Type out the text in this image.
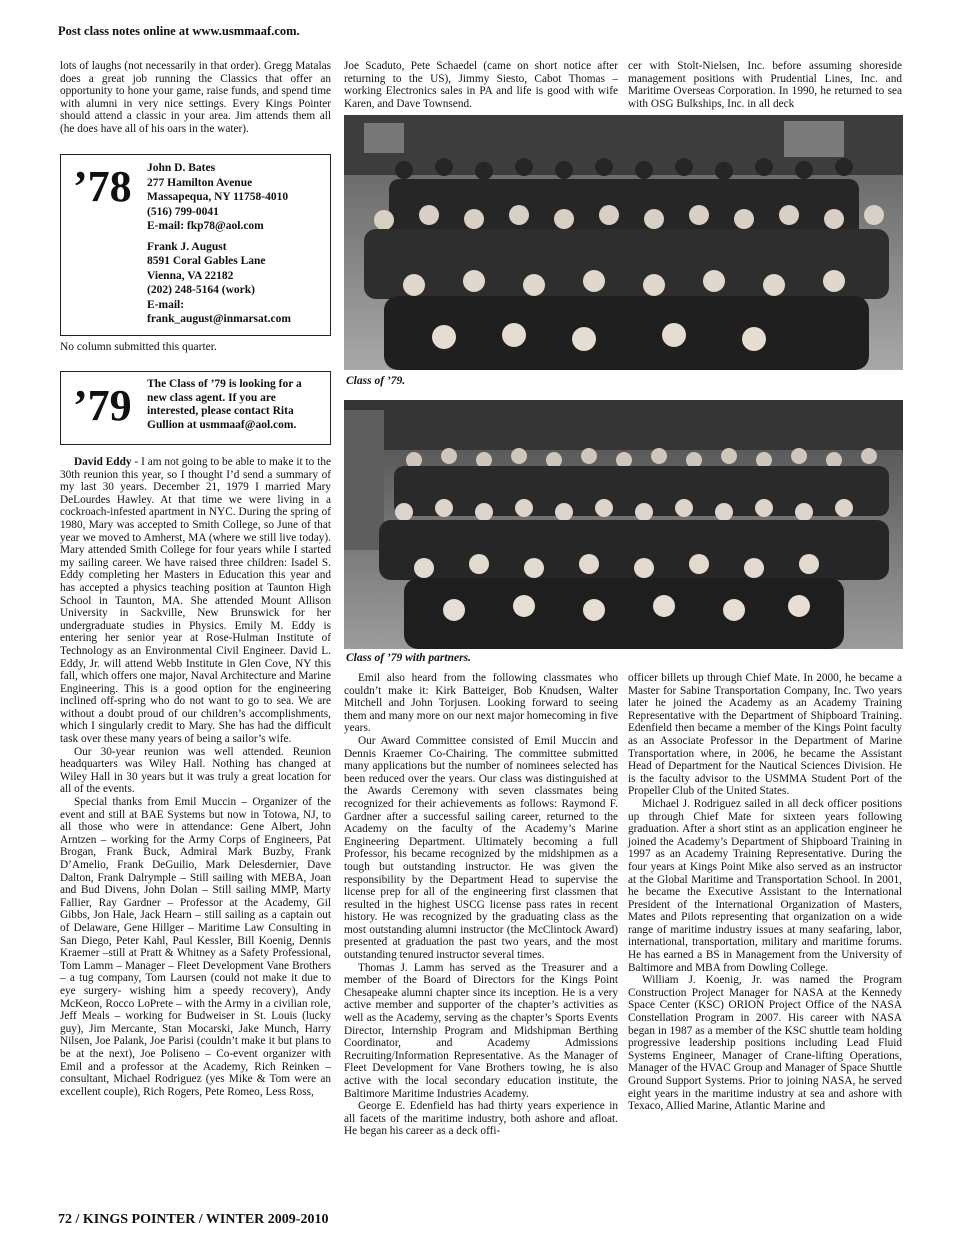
Post class notes online at www.usmmaaf.com.

lots of laughs (not necessarily in that order). Gregg Matalas does a great job running the Classics that offer an opportunity to hone your game, raise funds, and spend time with alumni in very nice settings. Every Kings Pointer should attend a classic in your area. Jim attends them all (he does have all of his oars in the water).

’78 John D. Bates
277 Hamilton Avenue
Massapequa, NY 11758-4010
(516) 799-0041
E-mail: fkp78@aol.com
Frank J. August
8591 Coral Gables Lane
Vienna, VA 22182
(202) 248-5164 (work)
E-mail:
frank_august@inmarsat.com
No column submitted this quarter.
’79 The Class of ’79 is looking for a
new class agent. If you are
interested, please contact Rita
Gullion at usmmaaf@aol.com.

David Eddy - I am not going to be able to make it to the 30th reunion this year, so I thought I’d send a summary of my last 30 years. December 21, 1979 I married Mary DeLourdes Hawley. At that time we were living in a cockroach-infested apartment in NYC. During the spring of 1980, Mary was accepted to Smith College, so June of that year we moved to Amherst, MA (where we still live today). Mary attended Smith College for four years while I started my sailing career. We have raised three children: Isadel S. Eddy completing her Masters in Education this year and has accepted a physics teaching position at Taunton High School in Taunton, MA. She attended Mount Allison University in Sackville, New Brunswick for her undergraduate studies in Physics. Emily M. Eddy is entering her senior year at Rose-Hulman Institute of Technology as an Environmental Civil Engineer. David L. Eddy, Jr. will attend Webb Institute in Glen Cove, NY this fall, which offers one major, Naval Architecture and Marine Engineering. This is a good option for the engineering inclined off-spring who do not want to go to sea. We are without a doubt proud of our children’s accomplishments, which I singularly credit to Mary. She has had the difficult task over these many years of being a sailor’s wife.

Our 30-year reunion was well attended. Reunion headquarters was Wiley Hall. Nothing has changed at Wiley Hall in 30 years but it was truly a great location for all of the events.

Special thanks from Emil Muccin – Organizer of the event and still at BAE Systems but now in Totowa, NJ, to all those who were in attendance: Gene Albert, John Arntzen – working for the Army Corps of Engineers, Pat Brogan, Frank Buck, Admiral Mark Buzby, Frank D’Amelio, Frank DeGuilio, Mark Delesdernier, Dave Dalton, Frank Dalrymple – Still sailing with MEBA, Joan and Bud Divens, John Dolan – Still sailing MMP, Marty Fallier, Ray Gardner – Professor at the Academy, Gil Gibbs, Jon Hale, Jack Hearn – still sailing as a captain out of Delaware, Gene Hillger – Maritime Law Consulting in San Diego, Peter Kahl, Paul Kessler, Bill Koenig, Dennis Kraemer –still at Pratt & Whitney as a Safety Professional, Tom Lamm – Manager – Fleet Development Vane Brothers – a tug company, Tom Laursen (could not make it due to eye surgery- wishing him a speedy recovery), Andy McKeon, Rocco LoPrete – with the Army in a civilian role, Jeff Meals – working for Budweiser in St. Louis (lucky guy), Jim Mercante, Stan Mocarski, Jake Munch, Harry Nilsen, Joe Palank, Joe Parisi (couldn’t make it but plans to be at the next), Joe Poliseno – Co-event organizer with Emil and a professor at the Academy, Rich Reinken – consultant, Michael Rodriguez (yes Mike & Tom were an excellent couple), Rich Rogers, Pete Romeo, Less Ross,

Joe Scaduto, Pete Schaedel (came on short notice after returning to the US), Jimmy Siesto, Cabot Thomas – working Electronics sales in PA and life is good with wife Karen, and Dave Townsend.

cer with Stolt-Nielsen, Inc. before assuming shoreside management positions with Prudential Lines, Inc. and Maritime Overseas Corporation. In 1990, he returned to sea with OSG Bulkships, Inc. in all deck

Class of ’79.
Class of ’79 with partners.

Emil also heard from the following classmates who couldn’t make it: Kirk Batteiger, Bob Knudsen, Walter Mitchell and John Torjusen. Looking forward to seeing them and many more on our next major homecoming in five years.

Our Award Committee consisted of Emil Muccin and Dennis Kraemer Co-Chairing. The committee submitted many applications but the number of nominees selected has been reduced over the years. Our class was distinguished at the Awards Ceremony with seven classmates being recognized for their achievements as follows: Raymond F. Gardner after a successful sailing career, returned to the Academy on the faculty of the Academy’s Marine Engineering Department. Ultimately becoming a full Professor, his became recognized by the midshipmen as a tough but outstanding instructor. He was given the responsibility by the Department Head to supervise the license prep for all of the engineering first classmen that resulted in the highest USCG license pass rates in recent history. He was recognized by the graduating class as the most outstanding alumni instructor (the McClintock Award) presented at graduation the past two years, and the most outstanding tenured instructor several times.

Thomas J. Lamm has served as the Treasurer and a member of the Board of Directors for the Kings Point Chesapeake alumni chapter since its inception. He is a very active member and supporter of the chapter’s activities as well as the Academy, serving as the chapter’s Sports Events Director, Internship Program and Midshipman Berthing Coordinator, and Academy Admissions Recruiting/Information Representative. As the Manager of Fleet Development for Vane Brothers towing, he is also active with the local secondary education institute, the Baltimore Maritime Industries Academy.

George E. Edenfield has had thirty years experience in all facets of the maritime industry, both ashore and afloat. He began his career as a deck offi-

officer billets up through Chief Mate. In 2000, he became a Master for Sabine Transportation Company, Inc. Two years later he joined the Academy as an Academy Training Representative with the Department of Shipboard Training. Edenfield then became a member of the Kings Point faculty as an Associate Professor in the Department of Marine Transportation where, in 2006, he became the Assistant Head of Department for the Nautical Sciences Division. He is the faculty advisor to the USMMA Student Port of the Propeller Club of the United States.

Michael J. Rodriguez sailed in all deck officer positions up through Chief Mate for sixteen years following graduation. After a short stint as an application engineer he joined the Academy’s Department of Shipboard Training in 1997 as an Academy Training Representative. During the four years at Kings Point Mike also served as an instructor at the Global Maritime and Transportation School. In 2001, he became the Executive Assistant to the International President of the International Organization of Masters, Mates and Pilots representing that organization on a wide range of maritime industry issues at many seafaring, labor, international, transportation, military and maritime forums. He has earned a BS in Management from the University of Baltimore and MBA from Dowling College.

William J. Koenig, Jr. was named the Program Construction Project Manager for NASA at the Kennedy Space Center (KSC) ORION Project Office of the NASA Constellation Program in 2007. His career with NASA began in 1987 as a member of the KSC shuttle team holding progressive leadership positions including Lead Fluid Systems Engineer, Manager of Crane-lifting Operations, Manager of the HVAC Group and Manager of Space Shuttle Ground Support Systems. Prior to joining NASA, he served eight years in the maritime industry at sea and ashore with Texaco, Allied Marine, Atlantic Marine and

72 / KINGS POINTER / WINTER 2009-2010
